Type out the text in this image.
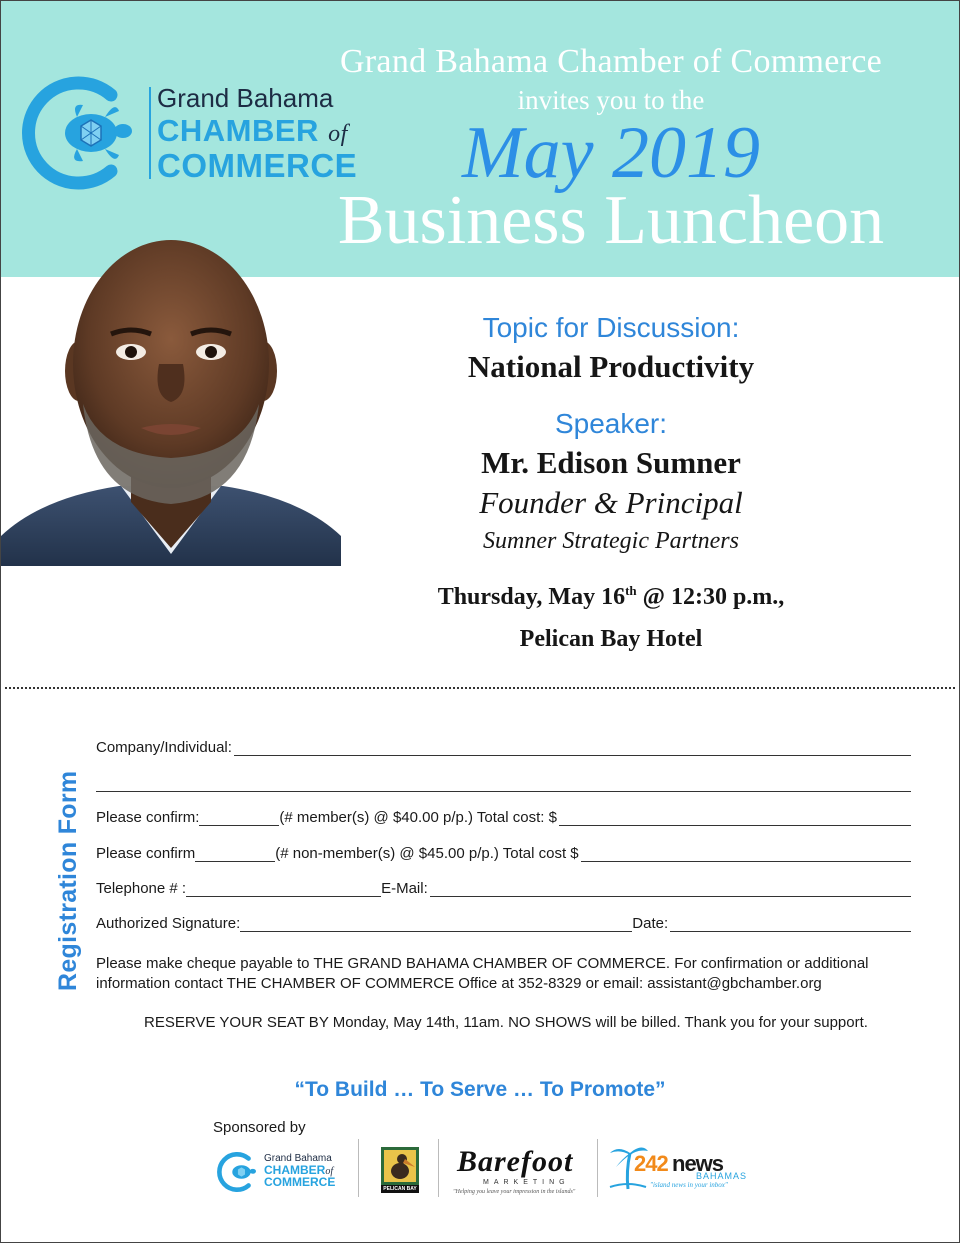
Grand Bahama Chamber of Commerce
invites you to the
May 2019
Business Luncheon
Grand Bahama
CHAMBER of
COMMERCE

Topic for Discussion:

National Productivity

Speaker:

Mr. Edison Sumner

Founder & Principal

Sumner Strategic Partners

Thursday, May 16th @ 12:30 p.m.,

Pelican Bay Hotel

Registration Form
Company/Individual:
Please confirm:	(# member(s) @ $40.00 p/p.) Total cost: $
Please confirm	(# non-member(s) @ $45.00 p/p.) Total cost $
Telephone # :	E-Mail:
Authorized Signature:	Date:
Please make cheque payable to THE GRAND BAHAMA CHAMBER OF COMMERCE. For confirmation or additional information contact THE CHAMBER OF COMMERCE Office at 352-8329 or email: assistant@gbchamber.org
RESERVE YOUR SEAT BY Monday, May 14th, 11am. NO SHOWS will be billed. Thank you for your support.
“To Build … To Serve … To Promote”
Sponsored by
Grand Bahama
CHAMBERof
COMMERCE	PELICAN BAY
Barefoot
MARKETING
"Helping you leave your impression in the islands"
242 news
BAHAMAS
"island news in your inbox"
